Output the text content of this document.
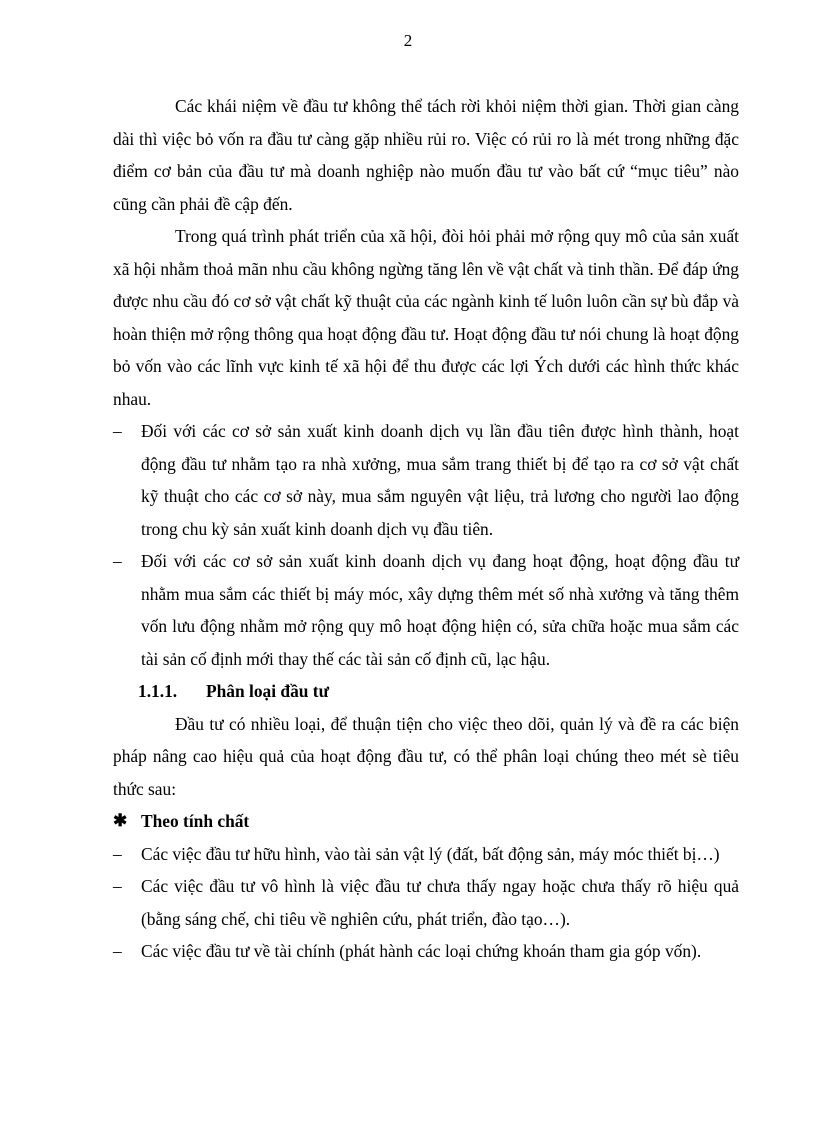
2

Các khái niệm về đầu tư không thể tách rời khỏi niệm thời gian. Thời gian càng dài thì việc bỏ vốn ra đầu tư càng gặp nhiều rủi ro. Việc có rủi ro là mét trong những đặc điểm cơ bản của đầu tư mà doanh nghiệp nào muốn đầu tư vào bất cứ “mục tiêu” nào cũng cần phải đề cập đến.

Trong quá trình phát triển của xã hội, đòi hỏi phải mở rộng quy mô của sản xuất xã hội nhằm thoả mãn nhu cầu không ngừng tăng lên về vật chất và tinh thần. Để đáp ứng được nhu cầu đó cơ sở vật chất kỹ thuật của các ngành kinh tế luôn luôn cần sự bù đắp và hoàn thiện mở rộng thông qua hoạt động đầu tư. Hoạt động đầu tư nói chung là hoạt động bỏ vốn vào các lĩnh vực kinh tế xã hội để thu được các lợi Ých dưới các hình thức khác nhau.

–	Đối với các cơ sở sản xuất kinh doanh dịch vụ lần đầu tiên được hình thành, hoạt động đầu tư nhằm tạo ra nhà xưởng, mua sắm trang thiết bị để tạo ra cơ sở vật chất kỹ thuật cho các cơ sở này, mua sắm nguyên vật liệu, trả lương cho người lao động trong chu kỳ sản xuất kinh doanh dịch vụ đầu tiên.
–	Đối với các cơ sở sản xuất kinh doanh dịch vụ đang hoạt động, hoạt động đầu tư nhằm mua sắm các thiết bị máy móc, xây dựng thêm mét số nhà xưởng và tăng thêm vốn lưu động nhằm mở rộng quy mô hoạt động hiện có, sửa chữa hoặc mua sắm các tài sản cố định mới thay thế các tài sản cố định cũ, lạc hậu.
1.1.1. Phân loại đầu tư

Đầu tư có nhiều loại, để thuận tiện cho việc theo dõi, quản lý và đề ra các biện pháp nâng cao hiệu quả của hoạt động đầu tư, có thể phân loại chúng theo mét sè tiêu thức sau:

✱ Theo tính chất
–	Các việc đầu tư hữu hình, vào tài sản vật lý (đất, bất động sản, máy móc thiết bị…)
–	Các việc đầu tư vô hình là việc đầu tư chưa thấy ngay hoặc chưa thấy rõ hiệu quả (bằng sáng chế, chi tiêu về nghiên cứu, phát triển, đào tạo…).
–	Các việc đầu tư về tài chính (phát hành các loại chứng khoán tham gia góp vốn).
